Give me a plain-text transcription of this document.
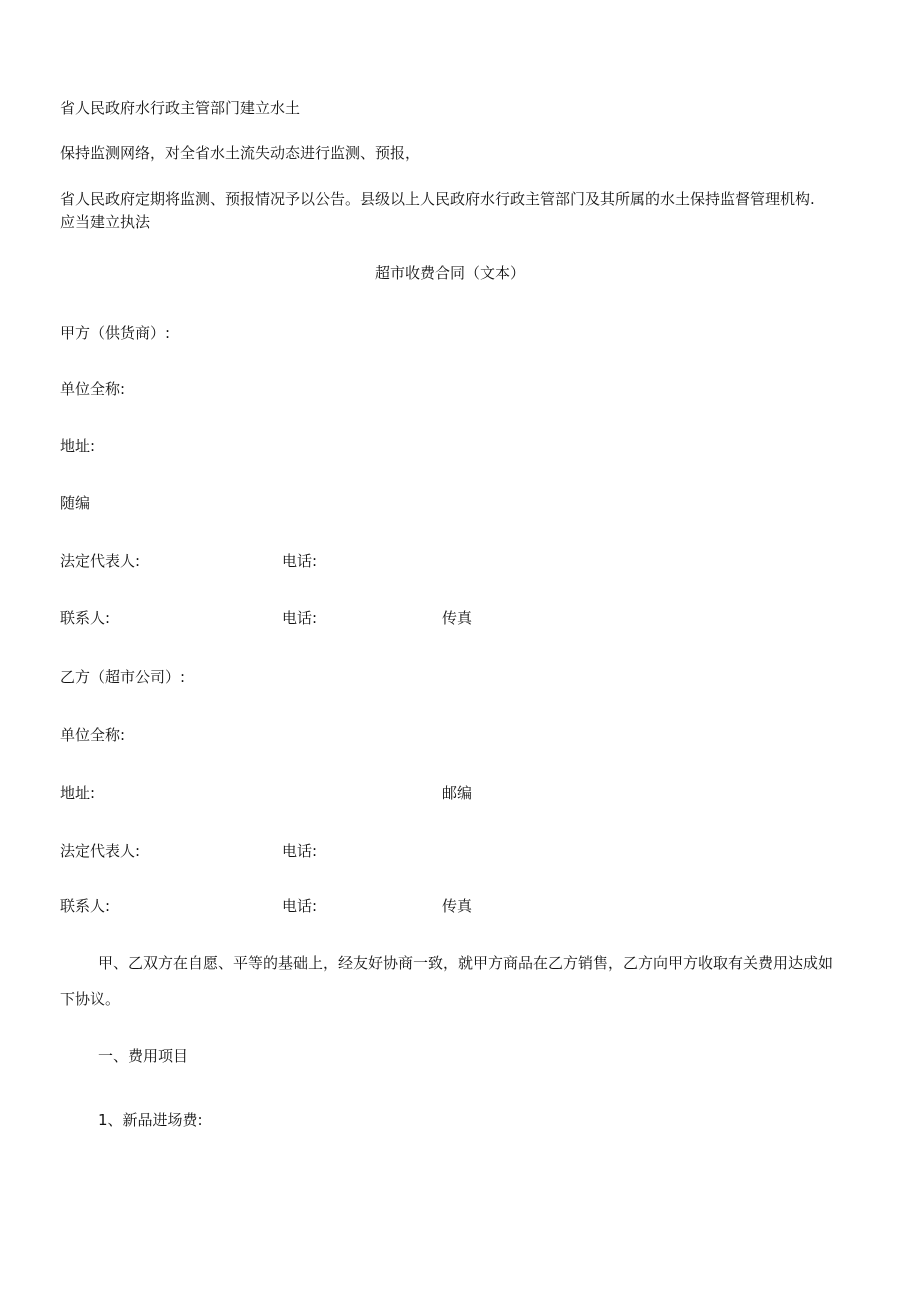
省人民政府水行政主管部门建立水土
保持监测网络，对全省水土流失动态进行监测、预报，
省人民政府定期将监测、预报情况予以公告。县级以上人民政府水行政主管部门及其所属的水土保持监督管理机构.
应当建立执法
超市收费合同（文本）
甲方（供货商）:
单位全称:
地址:
随编
法定代表人:	电话:
联系人:	电话:	传真
乙方（超市公司）:
单位全称:
地址:	邮编
法定代表人:	电话:
联系人:	电话:	传真
甲、乙双方在自愿、平等的基础上，经友好协商一致，就甲方商品在乙方销售，乙方向甲方收取有关费用达成如
下协议。
一、费用项目
1、新品进场费:
